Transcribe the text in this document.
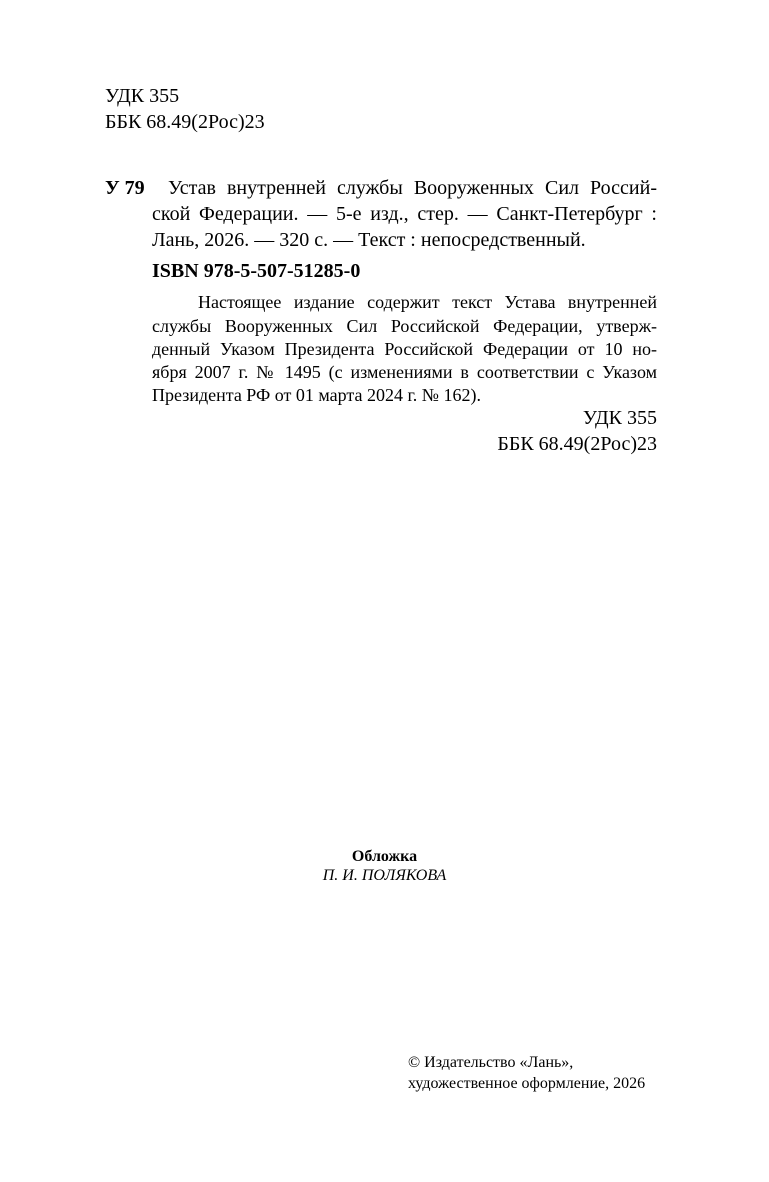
УДК 355
ББК 68.49(2Рос)23
У 79 Устав внутренней службы Вооруженных Сил Россий-
ской Федерации. — 5-е изд., стер. — Санкт-Петербург :
Лань, 2026. — 320 с. — Текст : непосредственный.
ISBN 978-5-507-51285-0
Настоящее издание содержит текст Устава внутренней
службы Вооруженных Сил Российской Федерации, утверж-
денный Указом Президента Российской Федерации от 10 но-
ября 2007 г. № 1495 (с изменениями в соответствии с Указом
Президента РФ от 01 марта 2024 г. № 162).
УДК 355
ББК 68.49(2Рос)23
Обложка
П. И. ПОЛЯКОВА
© Издательство «Лань»,
художественное оформление, 2026
